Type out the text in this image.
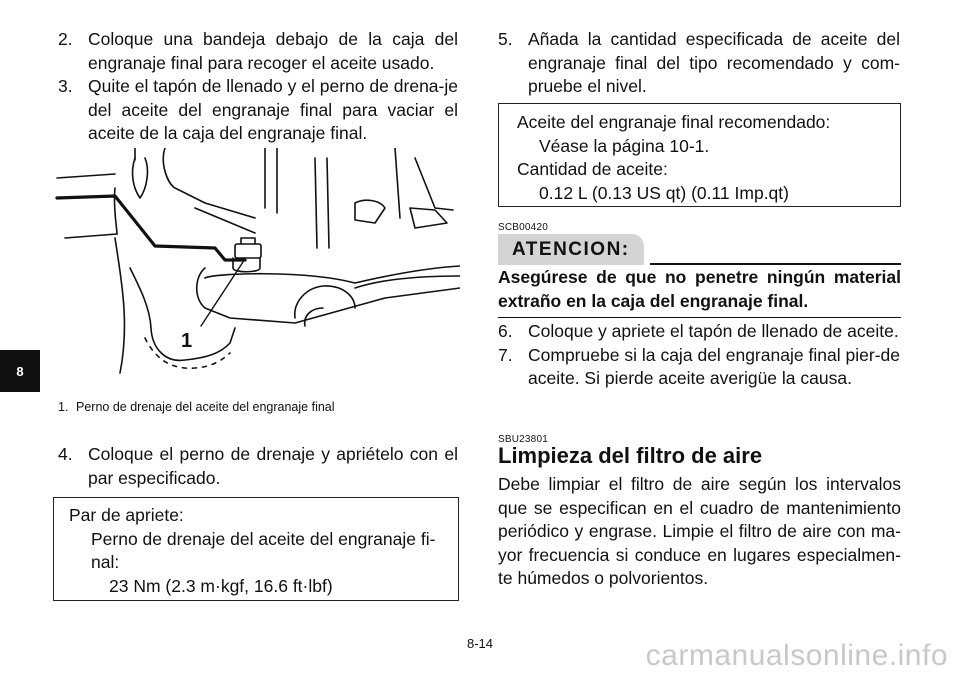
8
2. Coloque una bandeja debajo de la caja del engranaje final para recoger el aceite usado.
3. Quite el tapón de llenado y el perno de drena-je del aceite del engranaje final para vaciar el aceite de la caja del engranaje final.
1
1. Perno de drenaje del aceite del engranaje final
4. Coloque el perno de drenaje y apriételo con el par especificado.
Par de apriete:
Perno de drenaje del aceite del engranaje fi-nal:
23 Nm (2.3 m·kgf, 16.6 ft·lbf)
5. Añada la cantidad especificada de aceite del engranaje final del tipo recomendado y com-pruebe el nivel.
Aceite del engranaje final recomendado:
Véase la página 10-1.
Cantidad de aceite:
0.12 L (0.13 US qt) (0.11 Imp.qt)
SCB00420
ATENCION:
Asegúrese de que no penetre ningún material extraño en la caja del engranaje final.
6. Coloque y apriete el tapón de llenado de aceite.
7. Compruebe si la caja del engranaje final pier-de aceite. Si pierde aceite averigüe la causa.
SBU23801
Limpieza del filtro de aire
Debe limpiar el filtro de aire según los intervalos que se especifican en el cuadro de mantenimiento periódico y engrase. Limpie el filtro de aire con ma-yor frecuencia si conduce en lugares especialmen-te húmedos o polvorientos.
8-14	carmanualsonline.info
